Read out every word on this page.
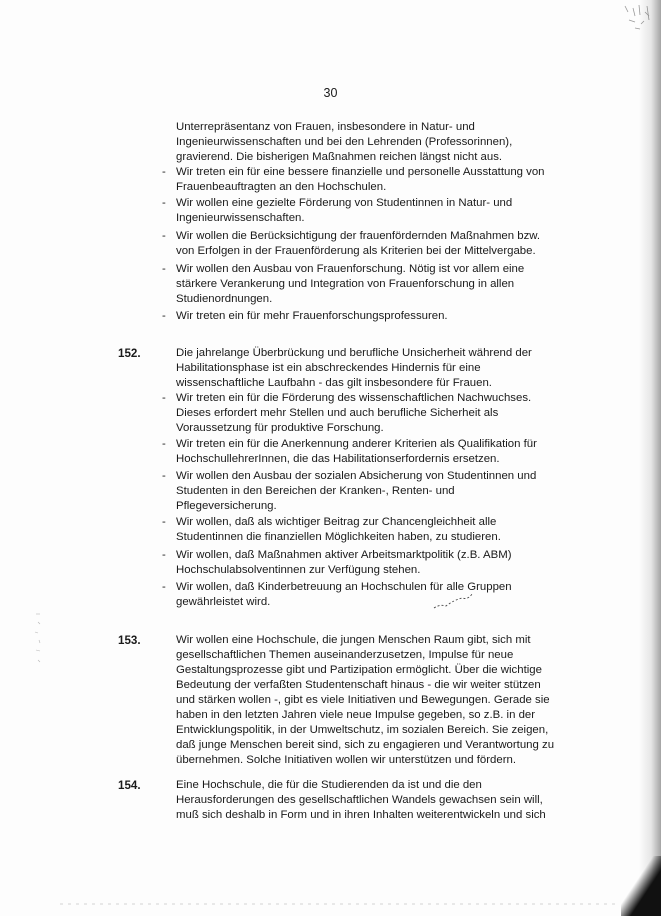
30
Unterrepräsentanz von Frauen, insbesondere in Natur- und
Ingenieurwissenschaften und bei den Lehrenden (Professorinnen),
gravierend. Die bisherigen Maßnahmen reichen längst nicht aus.
- Wir treten ein für eine bessere finanzielle und personelle Ausstattung von
Frauenbeauftragten an den Hochschulen.
- Wir wollen eine gezielte Förderung von Studentinnen in Natur- und
Ingenieurwissenschaften.
- Wir wollen die Berücksichtigung der frauenfördernden Maßnahmen bzw.
von Erfolgen in der Frauenförderung als Kriterien bei der Mittelvergabe.
- Wir wollen den Ausbau von Frauenforschung. Nötig ist vor allem eine
stärkere Verankerung und Integration von Frauenforschung in allen
Studienordnungen.
- Wir treten ein für mehr Frauenforschungsprofessuren.
152.	Die jahrelange Überbrückung und berufliche Unsicherheit während der
Habilitationsphase ist ein abschreckendes Hindernis für eine
wissenschaftliche Laufbahn - das gilt insbesondere für Frauen.
- Wir treten ein für die Förderung des wissenschaftlichen Nachwuchses.
Dieses erfordert mehr Stellen und auch berufliche Sicherheit als
Voraussetzung für produktive Forschung.
- Wir treten ein für die Anerkennung anderer Kriterien als Qualifikation für
HochschullehrerInnen, die das Habilitationserfordernis ersetzen.
- Wir wollen den Ausbau der sozialen Absicherung von Studentinnen und
Studenten in den Bereichen der Kranken-, Renten- und
Pflegeversicherung.
- Wir wollen, daß als wichtiger Beitrag zur Chancengleichheit alle
Studentinnen die finanziellen Möglichkeiten haben, zu studieren.
- Wir wollen, daß Maßnahmen aktiver Arbeitsmarktpolitik (z.B. ABM)
Hochschulabsolventinnen zur Verfügung stehen.
- Wir wollen, daß Kinderbetreuung an Hochschulen für alle Gruppen
gewährleistet wird.
153.	Wir wollen eine Hochschule, die jungen Menschen Raum gibt, sich mit
gesellschaftlichen Themen auseinanderzusetzen, Impulse für neue
Gestaltungsprozesse gibt und Partizipation ermöglicht. Über die wichtige
Bedeutung der verfaßten Studentenschaft hinaus - die wir weiter stützen
und stärken wollen -, gibt es viele Initiativen und Bewegungen. Gerade sie
haben in den letzten Jahren viele neue Impulse gegeben, so z.B. in der
Entwicklungspolitik, in der Umweltschutz, im sozialen Bereich. Sie zeigen,
daß junge Menschen bereit sind, sich zu engagieren und Verantwortung zu
übernehmen. Solche Initiativen wollen wir unterstützen und fördern.
154.	Eine Hochschule, die für die Studierenden da ist und die den
Herausforderungen des gesellschaftlichen Wandels gewachsen sein will,
muß sich deshalb in Form und in ihren Inhalten weiterentwickeln und sich
